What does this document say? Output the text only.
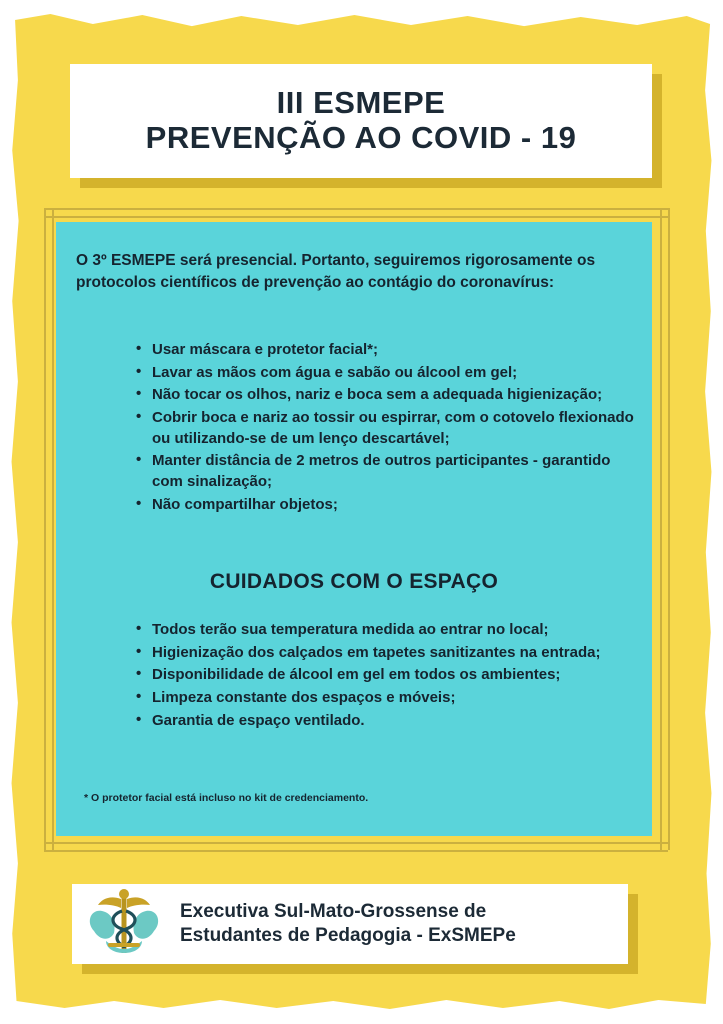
III ESMEPE
PREVENÇÃO AO COVID - 19
O 3º ESMEPE será presencial. Portanto, seguiremos rigorosamente os protocolos científicos de prevenção ao contágio do coronavírus:
• Usar máscara e protetor facial*;
• Lavar as mãos com água e sabão ou álcool em gel;
• Não tocar os olhos, nariz e boca sem a adequada higienização;
• Cobrir boca e nariz ao tossir ou espirrar, com o cotovelo flexionado ou utilizando-se de um lenço descartável;
• Manter distância de 2 metros de outros participantes - garantido com sinalização;
• Não compartilhar objetos;
CUIDADOS COM O ESPAÇO
• Todos terão sua temperatura medida ao entrar no local;
• Higienização dos calçados em tapetes sanitizantes na entrada;
• Disponibilidade de álcool em gel em todos os ambientes;
• Limpeza constante dos espaços e móveis;
• Garantia de espaço ventilado.
* O protetor facial está incluso no kit de credenciamento.
Executiva Sul-Mato-Grossense de
Estudantes de Pedagogia - ExSMEPe
